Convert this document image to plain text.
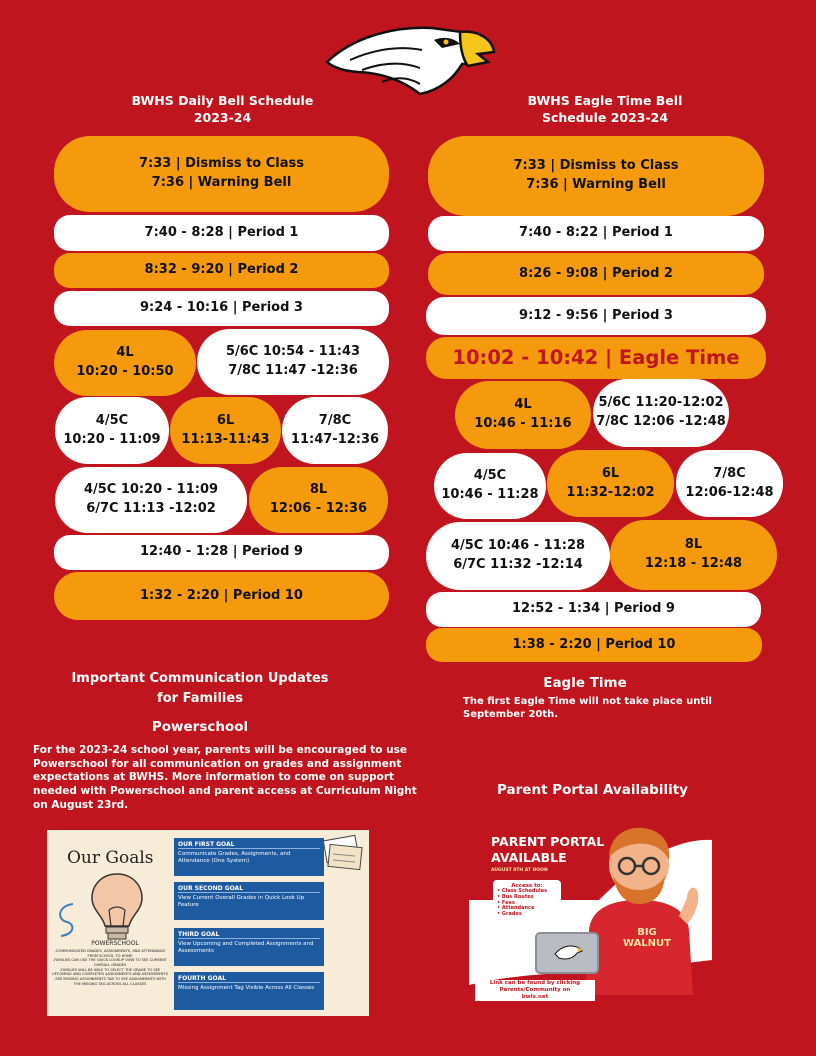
BWHS Daily Bell Schedule
2023-24
7:33 | Dismiss to Class
7:36 | Warning Bell
7:40 - 8:28 | Period 1
8:32 - 9:20 | Period 2
9:24 - 10:16 | Period 3
4L
10:20 - 10:50
5/6C 10:54 - 11:43
7/8C 11:47 -12:36
4/5C
10:20 - 11:09
6L
11:13-11:43
7/8C
11:47-12:36
4/5C 10:20 - 11:09
6/7C 11:13 -12:02
8L
12:06 - 12:36
12:40 - 1:28 | Period 9
1:32 - 2:20 | Period 10
BWHS Eagle Time Bell
Schedule 2023-24
7:33 | Dismiss to Class
7:36 | Warning Bell
7:40 - 8:22 | Period 1
8:26 - 9:08 | Period 2
9:12 - 9:56 | Period 3
10:02 - 10:42 | Eagle Time
4L
10:46 - 11:16
5/6C 11:20-12:02
7/8C 12:06 -12:48
4/5C
10:46 - 11:28
6L
11:32-12:02
7/8C
12:06-12:48
4/5C 10:46 - 11:28
6/7C 11:32 -12:14
8L
12:18 - 12:48
12:52 - 1:34 | Period 9
1:38 - 2:20 | Period 10
Important Communication Updates
for Families
Powerschool
For the 2023-24 school year, parents will be encouraged to use Powerschool for all communication on grades and assignment expectations at BWHS. More information to come on support needed with Powerschool and parent access at Curriculum Night on August 23rd.
Eagle Time
The first Eagle Time will not take place until September 20th.
Parent Portal Availability
Our Goals
POWERSCHOOL
-COMMUNICATED GRADES, ASSIGNMENTS, AND ATTENDANCE FROM SCHOOL TO HOME
-FAMILIES CAN USE THE QUICK LOOKUP VIEW TO SEE CURRENT OVERALL GRADES
-FAMILIES WILL BE ABLE TO SELECT THE GRADE TO SEE UPCOMING AND COMPLETED ASSIGNMENTS AND ASSESSMENTS
-SEE MISSING ASSIGNMENTS TAB TO SEE ASSIGNMENTS WITH THE MISSING TAG ACROSS ALL CLASSES
OUR FIRST GOAL
Communicate Grades, Assignments, and Attendance (One System)
OUR SECOND GOAL
View Current Overall Grades in Quick Look Up Feature
THIRD GOAL
View Upcoming and Completed Assignments and Assessments
FOURTH GOAL
Missing Assignment Tag Visible Across All Classes
PARENT PORTAL
AVAILABLE
AUGUST 8TH AT NOON
Access to:
• Class Schedules
• Bus Routes
• Fees
• Attendance
• Grades
BIG
WALNUT
Link can be found by clicking
Parents/Community on
bwls.net
